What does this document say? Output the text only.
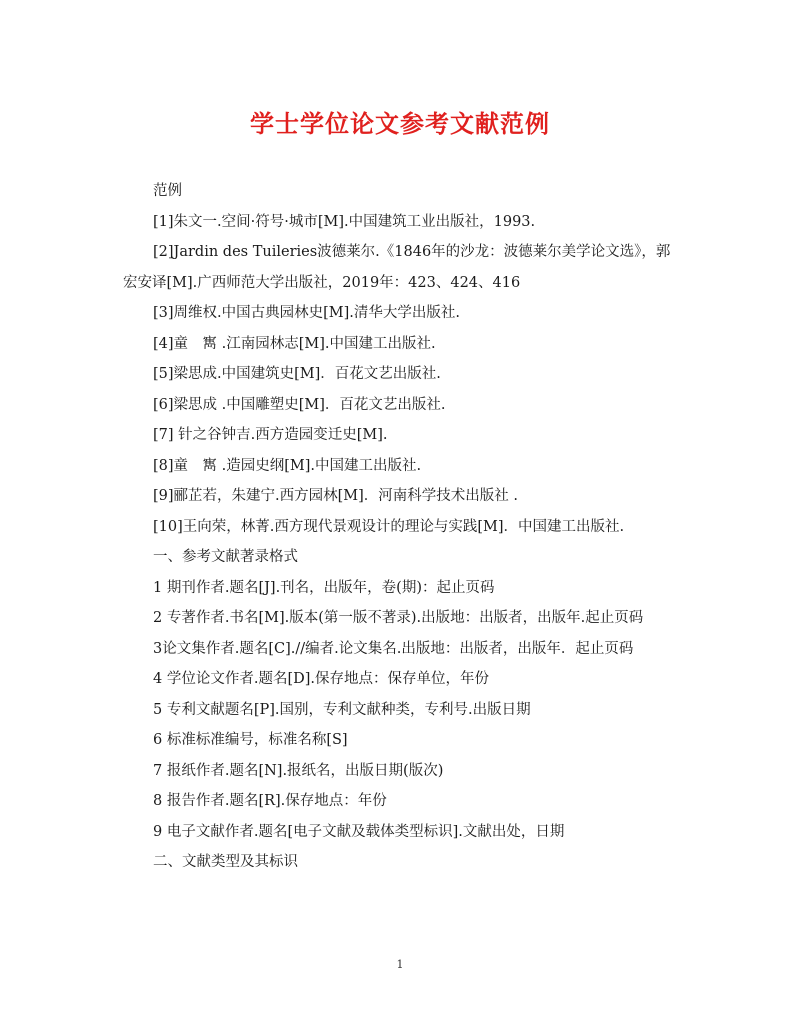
学士学位论文参考文献范例

范例

[1]朱文一.空间·符号·城市[M].中国建筑工业出版社，1993.

[2]Jardin des Tuileries波德莱尔.《1846年的沙龙：波德莱尔美学论文选》，郭宏安译[M].广西师范大学出版社，2019年：423、424、416

[3]周维权.中国古典园林史[M].清华大学出版社.

[4]童　寯 .江南园林志[M].中国建工出版社.

[5]梁思成.中国建筑史[M]．百花文艺出版社.

[6]梁思成 .中国雕塑史[M]．百花文艺出版社.

[7] 针之谷钟吉.西方造园变迁史[M].

[8]童　寯 .造园史纲[M].中国建工出版社.

[9]郦芷若，朱建宁.西方园林[M]．河南科学技术出版社 .

[10]王向荣，林菁.西方现代景观设计的理论与实践[M]．中国建工出版社.

一、参考文献著录格式

1 期刊作者.题名[J].刊名，出版年，卷(期)：起止页码

2 专著作者.书名[M].版本(第一版不著录).出版地：出版者，出版年.起止页码

3论文集作者.题名[C].//编者.论文集名.出版地：出版者，出版年．起止页码

4 学位论文作者.题名[D].保存地点：保存单位，年份

5 专利文献题名[P].国别，专利文献种类，专利号.出版日期

6 标准标准编号，标准名称[S]

7 报纸作者.题名[N].报纸名，出版日期(版次)

8 报告作者.题名[R].保存地点：年份

9 电子文献作者.题名[电子文献及载体类型标识].文献出处，日期

二、文献类型及其标识

1
